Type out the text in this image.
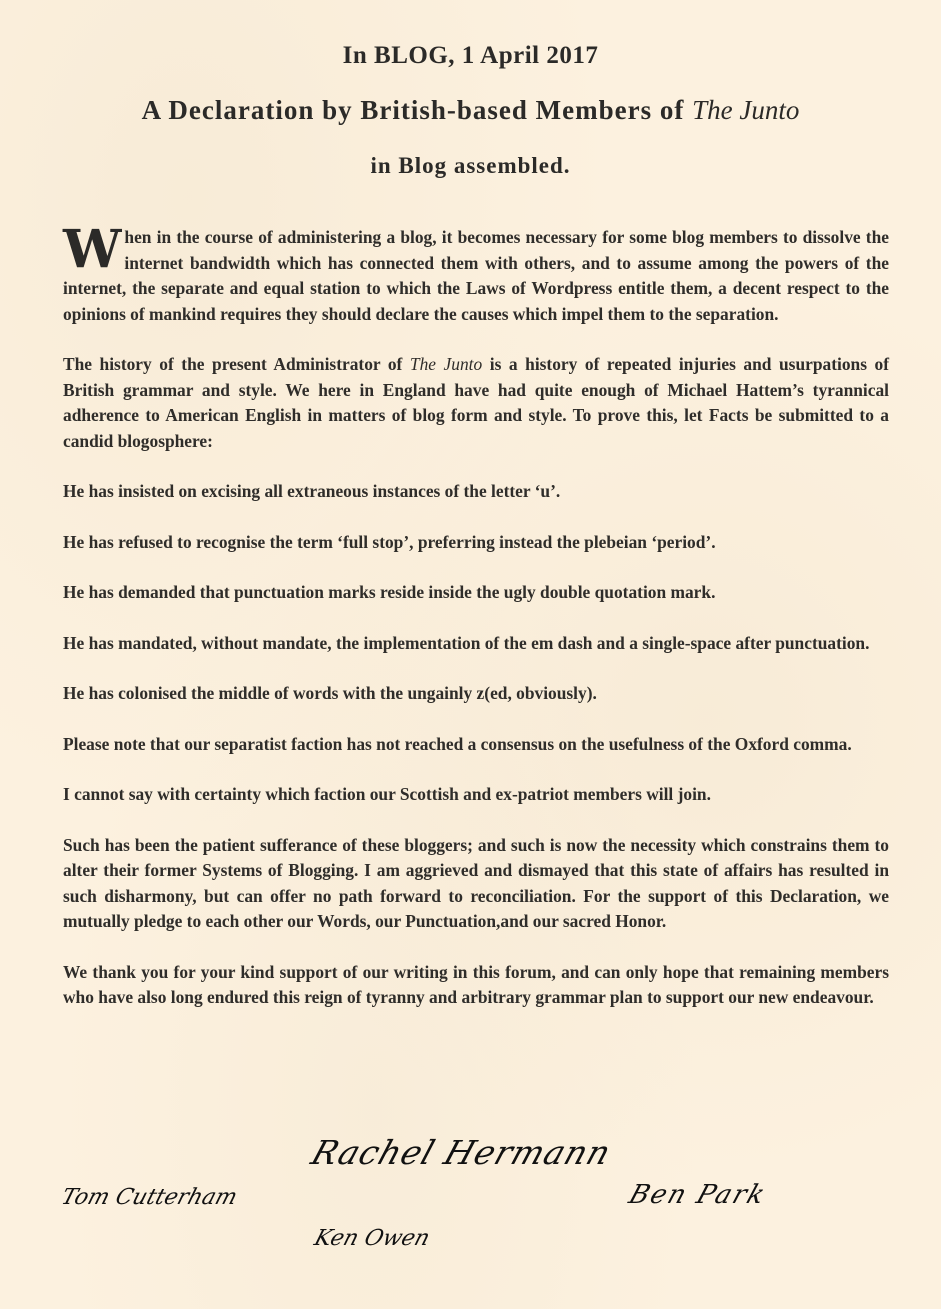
In BLOG, 1 April 2017
A Declaration by British-based Members of The Junto
in Blog assembled.

When in the course of administering a blog, it becomes necessary for some blog members to dissolve the internet bandwidth which has connected them with others, and to assume among the powers of the internet, the separate and equal station to which the Laws of Wordpress entitle them, a decent respect to the opinions of mankind requires they should declare the causes which impel them to the separation.

The history of the present Administrator of The Junto is a history of repeated injuries and usurpations of British grammar and style. We here in England have had quite enough of Michael Hattem’s tyrannical adherence to American English in matters of blog form and style. To prove this, let Facts be submitted to a candid blogosphere:

He has insisted on excising all extraneous instances of the letter ‘u’.

He has refused to recognise the term ‘full stop’, preferring instead the plebeian ‘period’.

He has demanded that punctuation marks reside inside the ugly double quotation mark.

He has mandated, without mandate, the implementation of the em dash and a single-space after punctuation.

He has colonised the middle of words with the ungainly z(ed, obviously).

Please note that our separatist faction has not reached a consensus on the usefulness of the Oxford comma.

I cannot say with certainty which faction our Scottish and ex-patriot members will join.

Such has been the patient sufferance of these bloggers; and such is now the necessity which constrains them to alter their former Systems of Blogging. I am aggrieved and dismayed that this state of affairs has resulted in such disharmony, but can offer no path forward to reconciliation. For the support of this Declaration, we mutually pledge to each other our Words, our Punctuation,and our sacred Honor.

We thank you for your kind support of our writing in this forum, and can only hope that remaining members who have also long endured this reign of tyranny and arbitrary grammar plan to support our new endeavour.

Rachel Hermann
Tom Cutterham	Ben Park
Ken Owen
